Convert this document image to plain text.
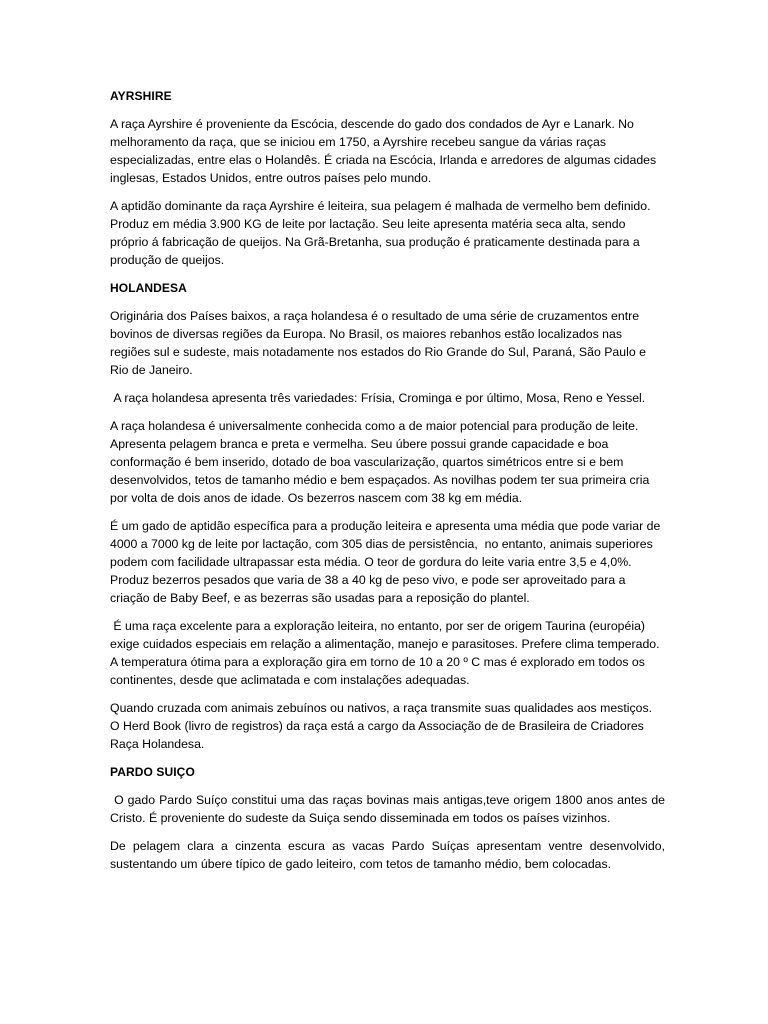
AYRSHIRE

A raça Ayrshire é proveniente da Escócia, descende do gado dos condados de Ayr e Lanark. No melhoramento da raça, que se iniciou em 1750, a Ayrshire recebeu sangue da várias raças especializadas, entre elas o Holandês. É criada na Escócia, Irlanda e arredores de algumas cidades inglesas, Estados Unidos, entre outros países pelo mundo.

A aptidão dominante da raça Ayrshire é leiteira, sua pelagem é malhada de vermelho bem definido. Produz em média 3.900 KG de leite por lactação. Seu leite apresenta matéria seca alta, sendo próprio á fabricação de queijos. Na Grã-Bretanha, sua produção é praticamente destinada para a produção de queijos.

HOLANDESA

Originária dos Países baixos, a raça holandesa é o resultado de uma série de cruzamentos entre bovinos de diversas regiões da Europa. No Brasil, os maiores rebanhos estão localizados nas regiões sul e sudeste, mais notadamente nos estados do Rio Grande do Sul, Paraná, São Paulo e Rio de Janeiro.

A raça holandesa apresenta três variedades: Frísia, Crominga e por último, Mosa, Reno e Yessel.

A raça holandesa é universalmente conhecida como a de maior potencial para produção de leite. Apresenta pelagem branca e preta e vermelha. Seu úbere possui grande capacidade e boa conformação é bem inserido, dotado de boa vascularização, quartos simétricos entre si e bem desenvolvidos, tetos de tamanho médio e bem espaçados. As novilhas podem ter sua primeira cria por volta de dois anos de idade. Os bezerros nascem com 38 kg em média.

É um gado de aptidão específica para a produção leiteira e apresenta uma média que pode variar de 4000 a 7000 kg de leite por lactação, com 305 dias de persistência,  no entanto, animais superiores podem com facilidade ultrapassar esta média. O teor de gordura do leite varia entre 3,5 e 4,0%. Produz bezerros pesados que varia de 38 a 40 kg de peso vivo, e pode ser aproveitado para a criação de Baby Beef, e as bezerras são usadas para a reposição do plantel.

É uma raça excelente para a exploração leiteira, no entanto, por ser de origem Taurina (européia) exige cuidados especiais em relação a alimentação, manejo e parasitoses. Prefere clima temperado. A temperatura ótima para a exploração gira em torno de 10 a 20 º C mas é explorado em todos os continentes, desde que aclimatada e com instalações adequadas.

Quando cruzada com animais zebuínos ou nativos, a raça transmite suas qualidades aos mestiços. O Herd Book (livro de registros) da raça está a cargo da Associação de de Brasileira de Criadores Raça Holandesa.

PARDO SUIÇO

O gado Pardo Suíço constitui uma das raças bovinas mais antigas,teve origem 1800 anos antes de Cristo. É proveniente do sudeste da Suiça sendo disseminada em todos os países vizinhos.

De pelagem clara a cinzenta escura as vacas Pardo Suíças apresentam ventre desenvolvido, sustentando um úbere típico de gado leiteiro, com tetos de tamanho médio, bem colocadas.
